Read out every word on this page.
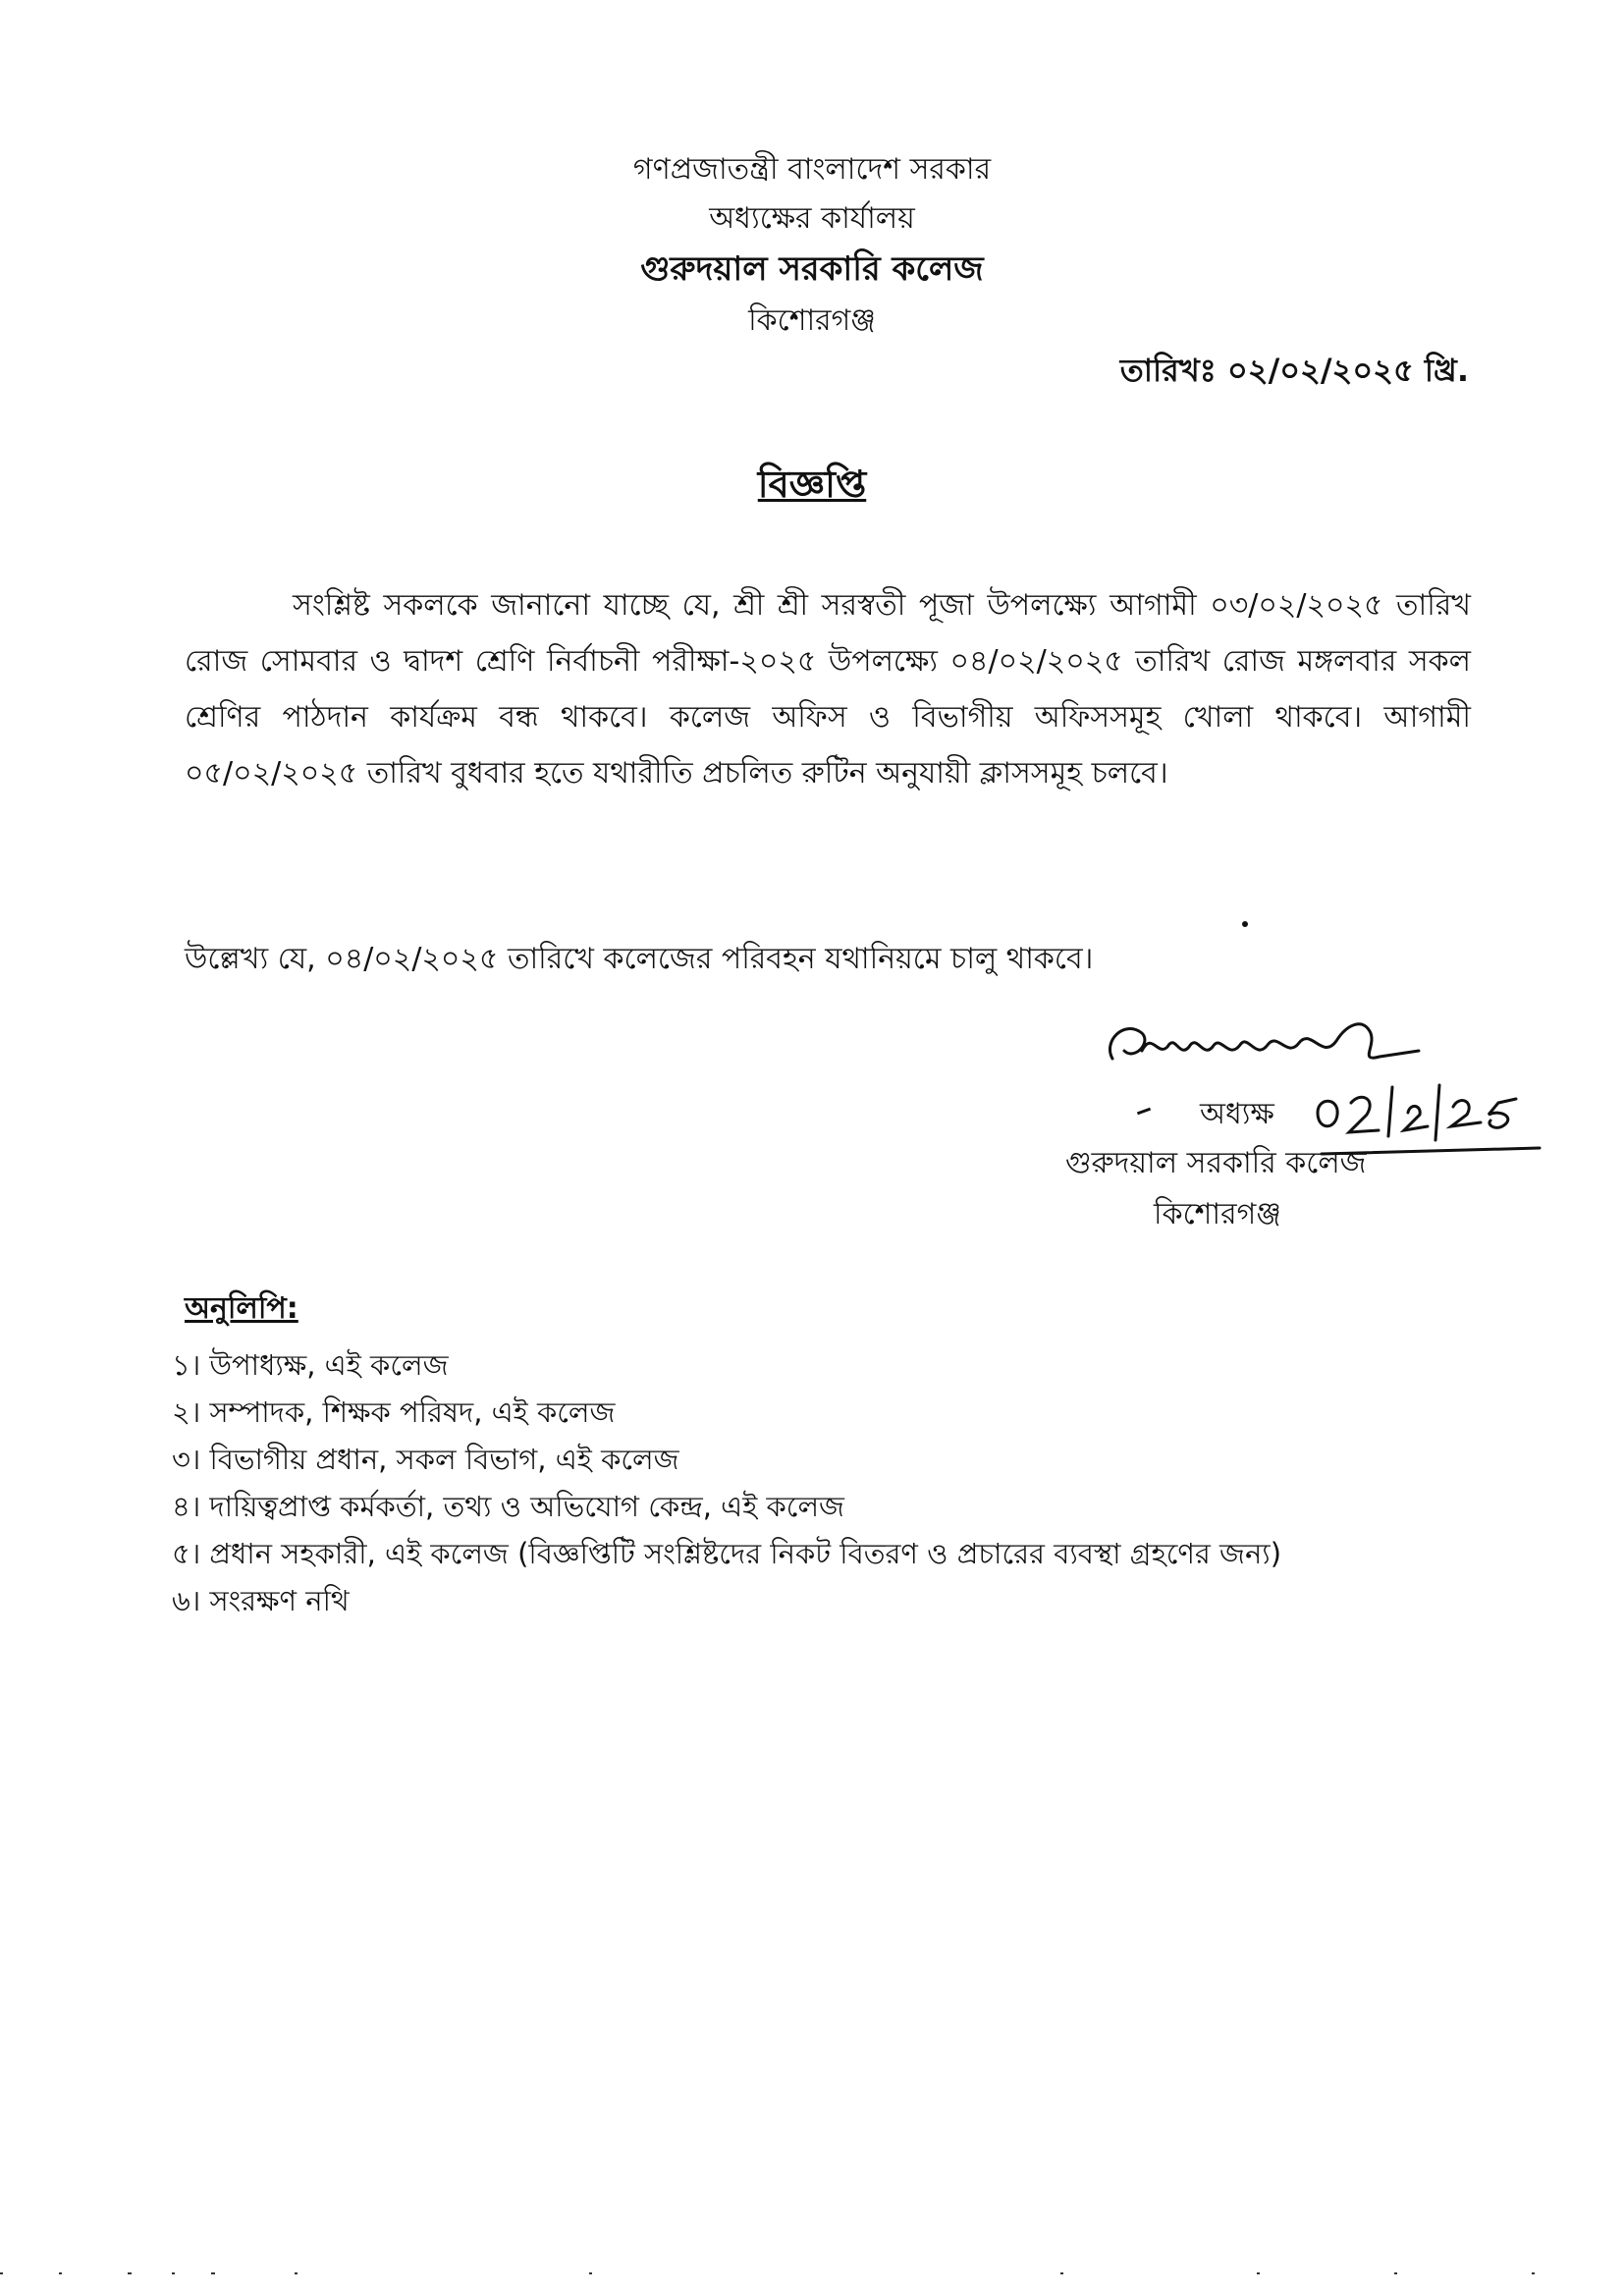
গণপ্রজাতন্ত্রী বাংলাদেশ সরকার

অধ্যক্ষের কার্যালয়

গুরুদয়াল সরকারি কলেজ

কিশোরগঞ্জ

তারিখঃ ০২/০২/২০২৫ খ্রি.
বিজ্ঞপ্তি

সংশ্লিষ্ট সকলকে জানানো যাচ্ছে যে, শ্রী শ্রী সরস্বতী পূজা উপলক্ষ্যে আগামী ০৩/০২/২০২৫ তারিখ রোজ সোমবার ও দ্বাদশ শ্রেণি নির্বাচনী পরীক্ষা-২০২৫ উপলক্ষ্যে ০৪/০২/২০২৫ তারিখ রোজ মঙ্গলবার সকল শ্রেণির পাঠদান কার্যক্রম বন্ধ থাকবে। কলেজ অফিস ও বিভাগীয় অফিসসমূহ খোলা থাকবে। আগামী ০৫/০২/২০২৫ তারিখ বুধবার হতে যথারীতি প্রচলিত রুটিন অনুযায়ী ক্লাসসমূহ চলবে।

উল্লেখ্য যে, ০৪/০২/২০২৫ তারিখে কলেজের পরিবহন যথানিয়মে চালু থাকবে।

অধ্যক্ষ
গুরুদয়াল সরকারি কলেজ
কিশোরগঞ্জ
অনুলিপি:
১। উপাধ্যক্ষ, এই কলেজ
২। সম্পাদক, শিক্ষক পরিষদ, এই কলেজ
৩। বিভাগীয় প্রধান, সকল বিভাগ, এই কলেজ
৪। দায়িত্বপ্রাপ্ত কর্মকর্তা, তথ্য ও অভিযোগ কেন্দ্র, এই কলেজ
৫। প্রধান সহকারী, এই কলেজ (বিজ্ঞপ্তিটি সংশ্লিষ্টদের নিকট বিতরণ ও প্রচারের ব্যবস্থা গ্রহণের জন্য)
৬। সংরক্ষণ নথি
